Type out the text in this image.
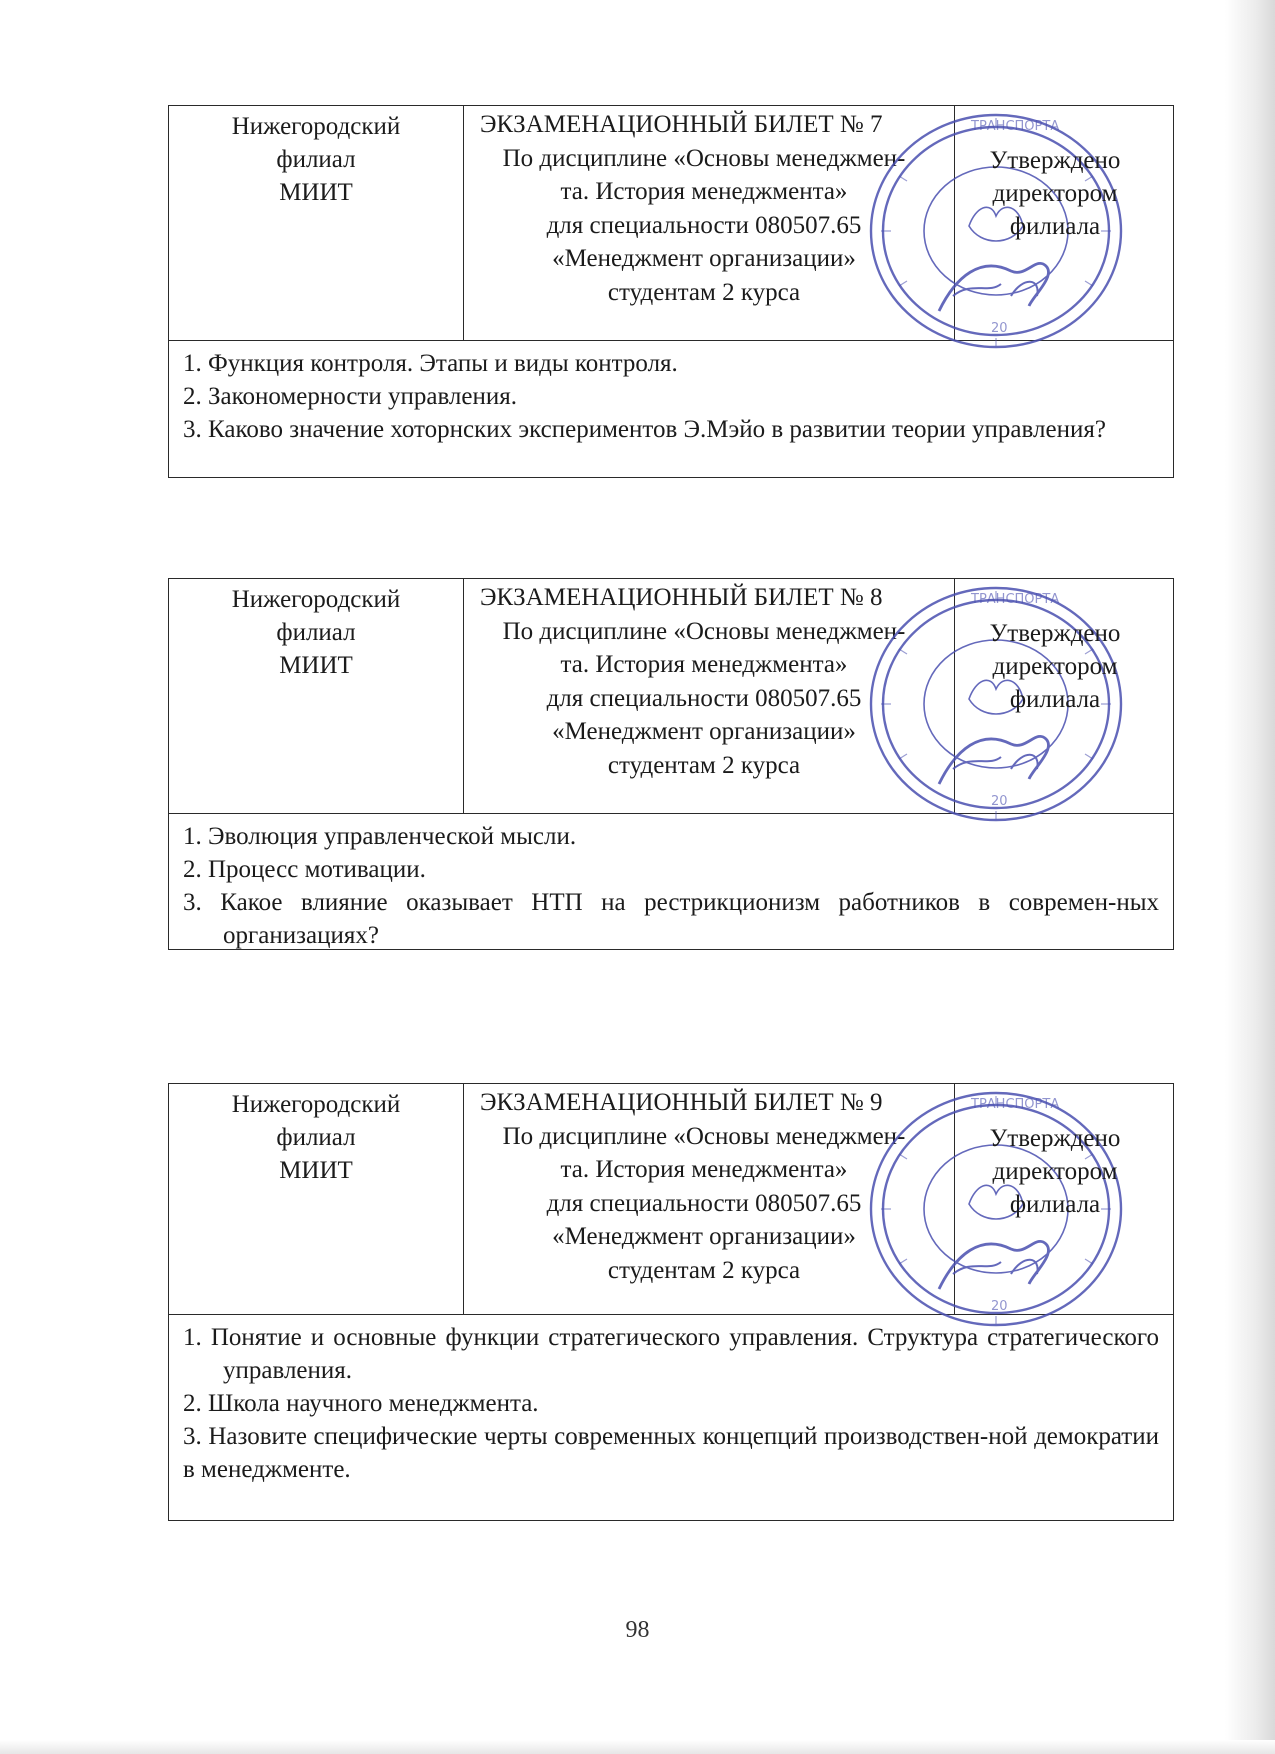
Нижегородский
филиал
МИИТ
ЭКЗАМЕНАЦИОННЫЙ БИЛЕТ № 7
По дисциплине «Основы менеджмен-
та. История менеджмента»
для специальности 080507.65
«Менеджмент организации»
студентам 2 курса
ТРАНСПОРТА
20
Утверждено
директором
филиала

1. Функция контроля. Этапы и виды контроля.

2. Закономерности управления.

3. Каково значение хоторнских экспериментов Э.Мэйо в развитии теории управления?

Нижегородский
филиал
МИИТ
ЭКЗАМЕНАЦИОННЫЙ БИЛЕТ № 8
По дисциплине «Основы менеджмен-
та. История менеджмента»
для специальности 080507.65
«Менеджмент организации»
студентам 2 курса
ТРАНСПОРТА
20
Утверждено
директором
филиала

1. Эволюция управленческой мысли.

2. Процесс мотивации.

3. Какое влияние оказывает НТП на рестрикционизм работников в современ-ных организациях?

Нижегородский
филиал
МИИТ
ЭКЗАМЕНАЦИОННЫЙ БИЛЕТ № 9
По дисциплине «Основы менеджмен-
та. История менеджмента»
для специальности 080507.65
«Менеджмент организации»
студентам 2 курса
ТРАНСПОРТА
20
Утверждено
директором
филиала

1. Понятие и основные функции стратегического управления. Структура стратегического управления.

2. Школа научного менеджмента.

3. Назовите специфические черты современных концепций производствен-ной демократии в менеджменте.

98
